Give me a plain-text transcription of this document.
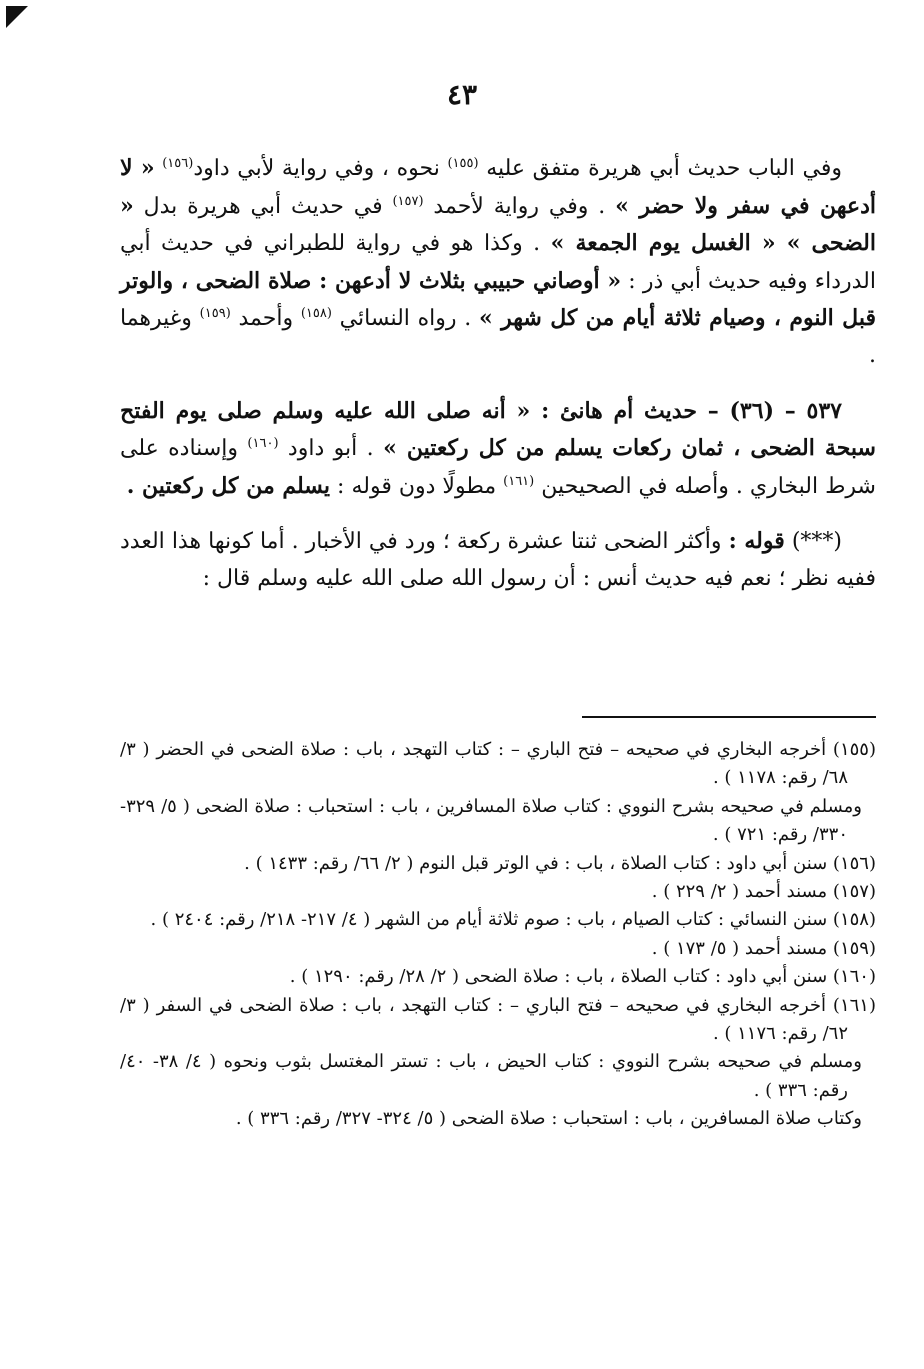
٤٣

وفي الباب حديث أبي هريرة متفق عليه $^{(١٥٥)}$ نحوه ، وفي رواية لأبي داود$^{(١٥٦)}$ « لا أدعهن في سفر ولا حضر » . وفي رواية لأحمد $^{(١٥٧)}$ في حديث أبي هريرة بدل « الضحى » « الغسل يوم الجمعة » . وكذا هو في رواية للطبراني في حديث أبي الدرداء وفيه حديث أبي ذر : « أوصاني حبيبي بثلاث لا أدعهن : صلاة الضحى ، والوتر قبل النوم ، وصيام ثلاثة أيام من كل شهر » . رواه النسائي $^{(١٥٨)}$ وأحمد $^{(١٥٩)}$ وغيرهما .

٥٣٧ – (٣٦) – حديث أم هانئ : « أنه صلى الله عليه وسلم صلى يوم الفتح سبحة الضحى ، ثمان ركعات يسلم من كل ركعتين » . أبو داود $^{(١٦٠)}$ وإسناده على شرط البخاري . وأصله في الصحيحين $^{(١٦١)}$ مطولًا دون قوله : يسلم من كل ركعتين .

(***) قوله : وأكثر الضحى ثنتا عشرة ركعة ؛ ورد في الأخبار . أما كونها هذا العدد ففيه نظر ؛ نعم فيه حديث أنس : أن رسول الله صلى الله عليه وسلم قال :

(١٥٥) أخرجه البخاري في صحيحه – فتح الباري – : كتاب التهجد ، باب : صلاة الضحى في الحضر ( ٣/ ٦٨/ رقم: ١١٧٨ ) .

ومسلم في صحيحه بشرح النووي : كتاب صلاة المسافرين ، باب : استحباب : صلاة الضحى ( ٥/ ٣٢٩- ٣٣٠/ رقم: ٧٢١ ) .

(١٥٦) سنن أبي داود : كتاب الصلاة ، باب : في الوتر قبل النوم ( ٢/ ٦٦/ رقم: ١٤٣٣ ) .

(١٥٧) مسند أحمد ( ٢/ ٢٢٩ ) .

(١٥٨) سنن النسائي : كتاب الصيام ، باب : صوم ثلاثة أيام من الشهر ( ٤/ ٢١٧- ٢١٨/ رقم: ٢٤٠٤ ) .

(١٥٩) مسند أحمد ( ٥/ ١٧٣ ) .

(١٦٠) سنن أبي داود : كتاب الصلاة ، باب : صلاة الضحى ( ٢/ ٢٨/ رقم: ١٢٩٠ ) .

(١٦١) أخرجه البخاري في صحيحه – فتح الباري – : كتاب التهجد ، باب : صلاة الضحى في السفر ( ٣/ ٦٢/ رقم: ١١٧٦ ) .

ومسلم في صحيحه بشرح النووي : كتاب الحيض ، باب : تستر المغتسل بثوب ونحوه ( ٤/ ٣٨- ٤٠/ رقم: ٣٣٦ ) .

وكتاب صلاة المسافرين ، باب : استحباب : صلاة الضحى ( ٥/ ٣٢٤- ٣٢٧/ رقم: ٣٣٦ ) .
